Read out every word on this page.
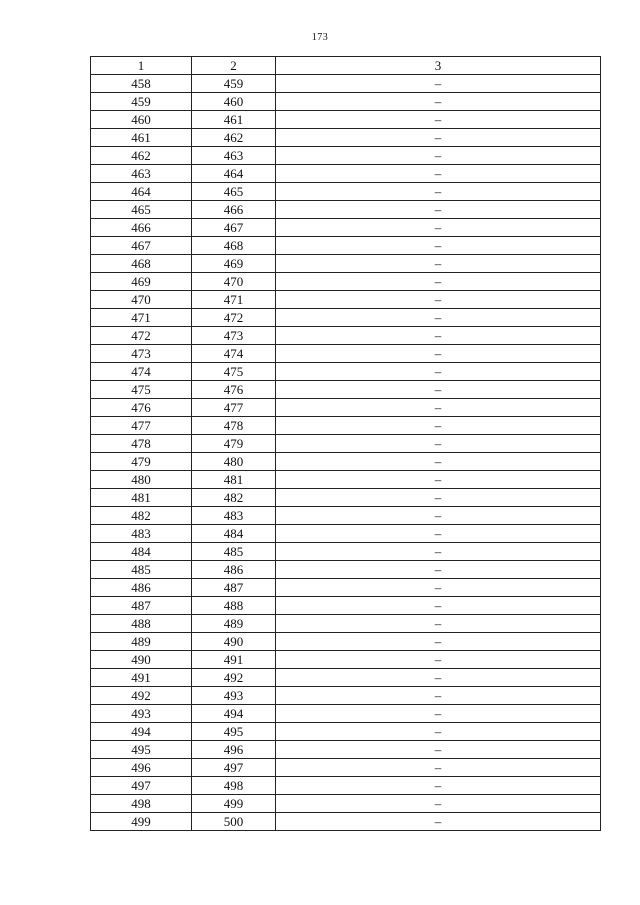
173
1	2	3
458	459	–
459	460	–
460	461	–
461	462	–
462	463	–
463	464	–
464	465	–
465	466	–
466	467	–
467	468	–
468	469	–
469	470	–
470	471	–
471	472	–
472	473	–
473	474	–
474	475	–
475	476	–
476	477	–
477	478	–
478	479	–
479	480	–
480	481	–
481	482	–
482	483	–
483	484	–
484	485	–
485	486	–
486	487	–
487	488	–
488	489	–
489	490	–
490	491	–
491	492	–
492	493	–
493	494	–
494	495	–
495	496	–
496	497	–
497	498	–
498	499	–
499	500	–
